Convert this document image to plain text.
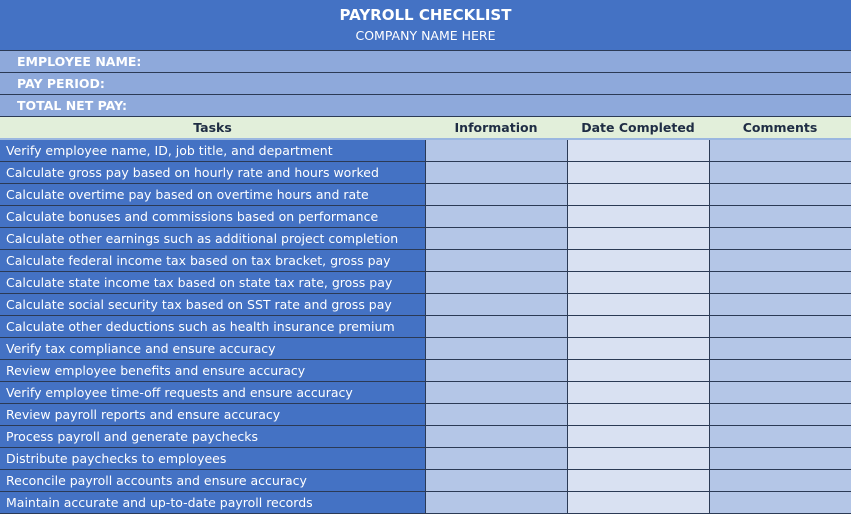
PAYROLL CHECKLIST
COMPANY NAME HERE
EMPLOYEE NAME:
PAY PERIOD:
TOTAL NET PAY:
Tasks	Information	Date Completed	Comments
Verify employee name, ID, job title, and department
Calculate gross pay based on hourly rate and hours worked
Calculate overtime pay based on overtime hours and rate
Calculate bonuses and commissions based on performance
Calculate other earnings such as additional project completion
Calculate federal income tax based on tax bracket, gross pay
Calculate state income tax based on state tax rate, gross pay
Calculate social security tax based on SST rate and gross pay
Calculate other deductions such as health insurance premium
Verify tax compliance and ensure accuracy
Review employee benefits and ensure accuracy
Verify employee time-off requests and ensure accuracy
Review payroll reports and ensure accuracy
Process payroll and generate paychecks
Distribute paychecks to employees
Reconcile payroll accounts and ensure accuracy
Maintain accurate and up-to-date payroll records
